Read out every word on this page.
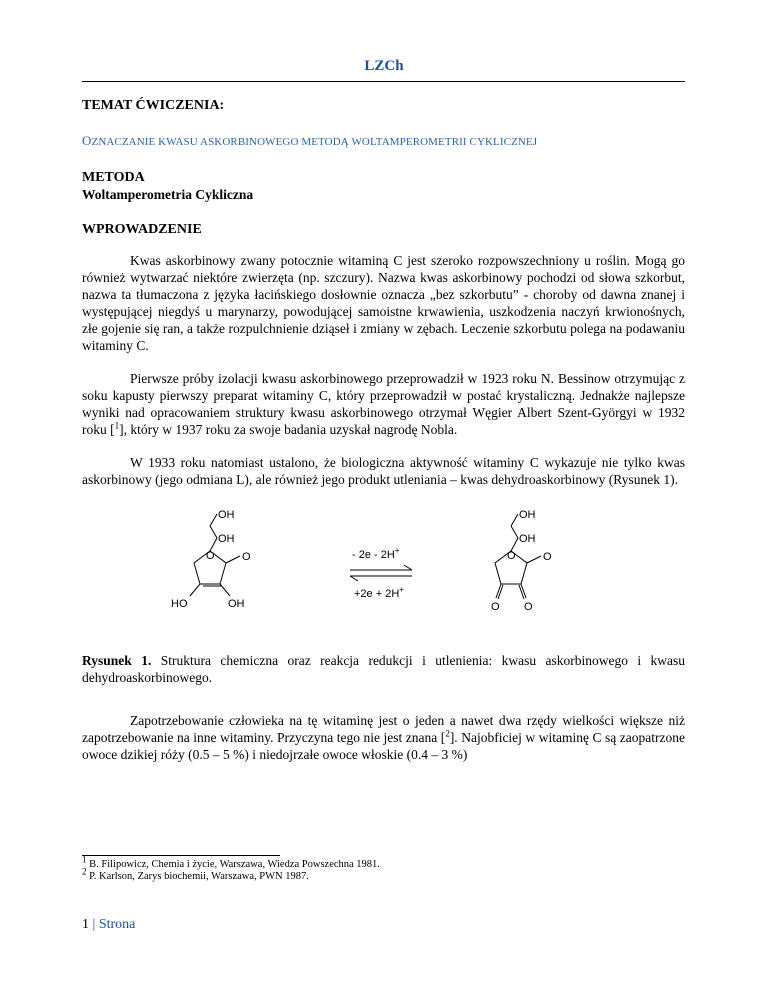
LZCh
TEMAT ĆWICZENIA:
OZNACZANIE KWASU ASKORBINOWEGO METODĄ WOLTAMPEROMETRII CYKLICZNEJ
METODA
Woltamperometria Cykliczna
WPROWADZENIE

Kwas askorbinowy zwany potocznie witaminą C jest szeroko rozpowszechniony u roślin. Mogą go również wytwarzać niektóre zwierzęta (np. szczury). Nazwa kwas askorbinowy pochodzi od słowa szkorbut, nazwa ta tłumaczona z języka łacińskiego dosłownie oznacza „bez szkorbutu” - choroby od dawna znanej i występującej niegdyś u marynarzy, powodującej samoistne krwawienia, uszkodzenia naczyń krwionośnych, złe gojenie się ran, a także rozpulchnienie dziąseł i zmiany w zębach. Leczenie szkorbutu polega na podawaniu witaminy C.

Pierwsze próby izolacji kwasu askorbinowego przeprowadził w 1923 roku N. Bessinow otrzymując z soku kapusty pierwszy preparat witaminy C, który przeprowadził w postać krystaliczną. Jednakże najlepsze wyniki nad opracowaniem struktury kwasu askorbinowego otrzymał Węgier Albert Szent-Györgyi w 1932 roku [$^1$], który w 1937 roku za swoje badania uzyskał nagrodę Nobla.

W 1933 roku natomiast ustalono, że biologiczna aktywność witaminy C wykazuje nie tylko kwas askorbinowy (jego odmiana L), ale również jego produkt utleniania – kwas dehydroaskorbinowy (Rysunek 1).

OH
OH
O O
HO	OH
- 2e - 2H+
+2e + 2H+
OH
OH
O O
O O
Rysunek 1. Struktura chemiczna oraz reakcja redukcji i utlenienia: kwasu askorbinowego i kwasu dehydroaskorbinowego.

Zapotrzebowanie człowieka na tę witaminę jest o jeden a nawet dwa rzędy wielkości większe niż zapotrzebowanie na inne witaminy. Przyczyna tego nie jest znana [$^2$]. Najobficiej w witaminę C są zaopatrzone owoce dzikiej róży (0.5 – 5 %) i niedojrzałe owoce włoskie (0.4 – 3 %)

$^1$ B. Filipowicz, Chemia i życie, Warszawa, Wiedza Powszechna 1981.
$^2$ P. Karlson, Zarys biochemii, Warszawa, PWN 1987.
1 | Strona
